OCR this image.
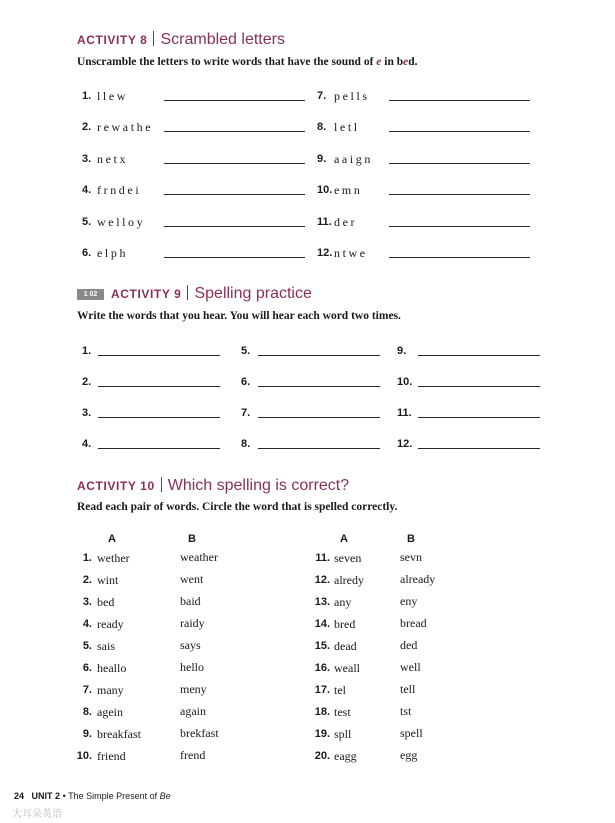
ACTIVITY 8 Scrambled letters
Unscramble the letters to write words that have the sound of e in bed.
1. llew
2. rewathe
3. netx
4. frndei
5. welloy
6. elph
7. pells
8. letl
9. aaign
10. emn
11. der
12. ntwe
1 02	ACTIVITY 9 Spelling practice
Write the words that you hear. You will hear each word two times.
1.
2.
3.
4.
5.
6.
7.
8.
9.
10.
11.
12.
ACTIVITY 10 Which spelling is correct?
Read each pair of words. Circle the word that is spelled correctly.
A	B	A	B
1. wether	weather
2. wint	went
3. bed	baid
4. ready	raidy
5. sais	says
6. heallo	hello
7. many	meny
8. agein	again
9. breakfast	brekfast
10. friend	frend
11. seven	sevn
12. alredy	already
13. any	eny
14. bred	bread
15. dead	ded
16. weall	well
17. tel	tell
18. test	tst
19. spll	spell
20. eagg	egg
24 UNIT 2 • The Simple Present of Be
大耳朵英语
